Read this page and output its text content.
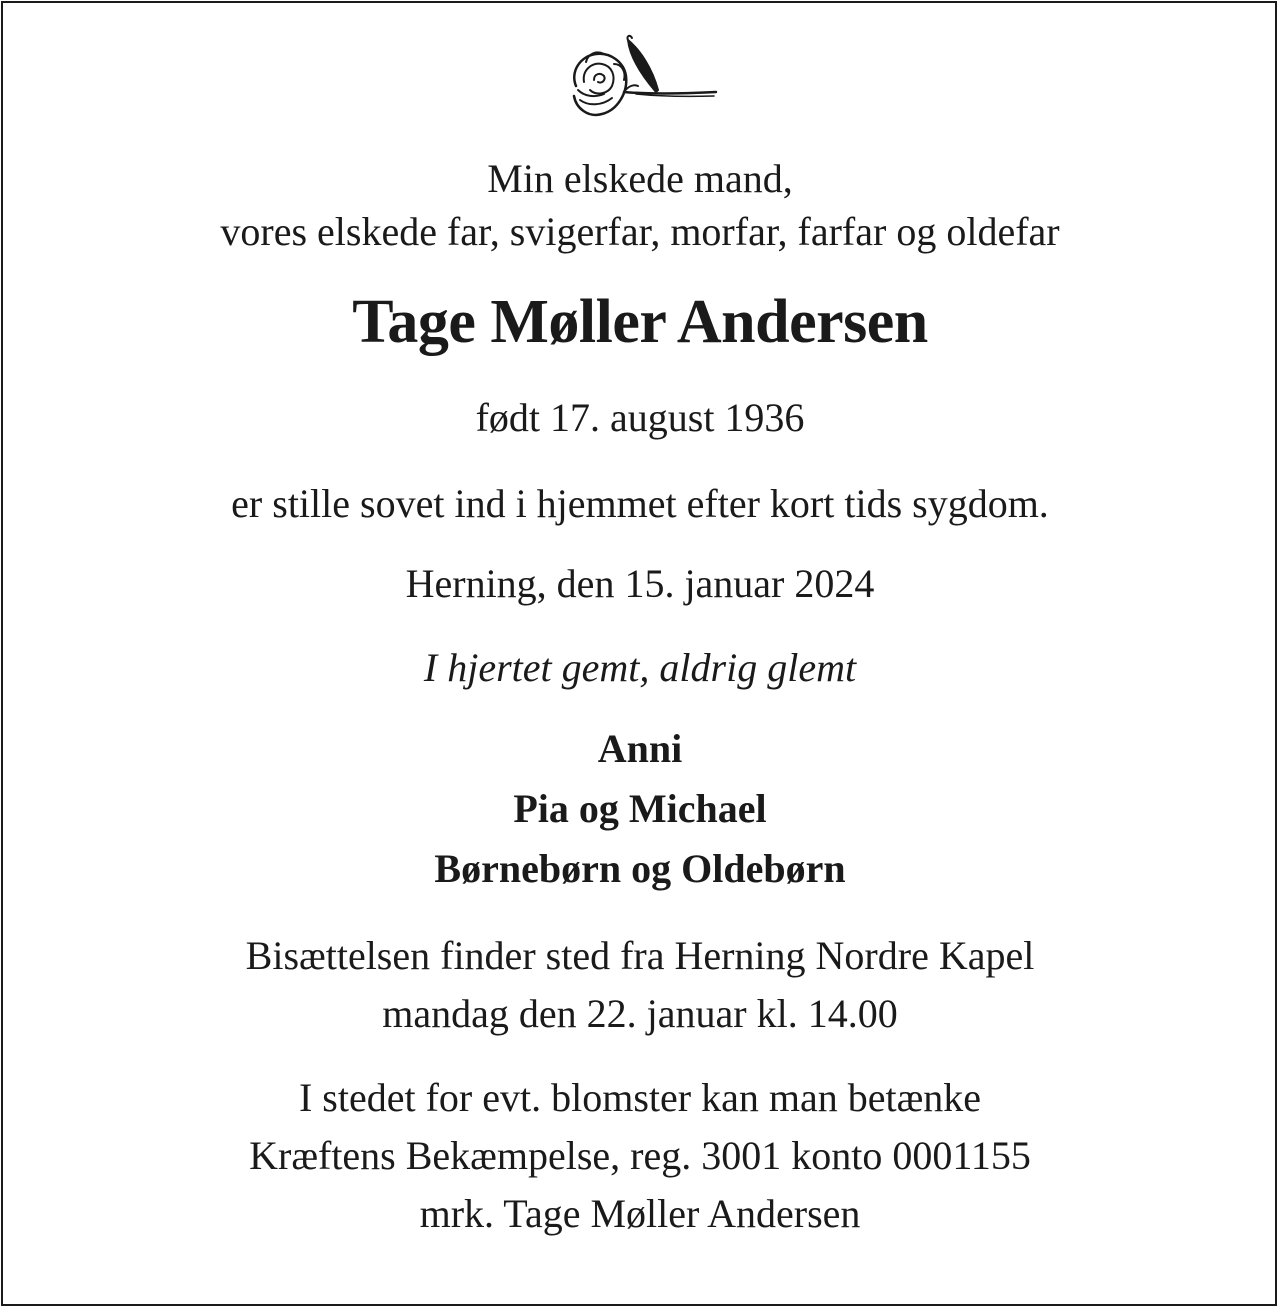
Min elskede mand,
vores elskede far, svigerfar, morfar, farfar og oldefar
Tage Møller Andersen
født 17. august 1936
er stille sovet ind i hjemmet efter kort tids sygdom.
Herning, den 15. januar 2024
I hjertet gemt, aldrig glemt
Anni
Pia og Michael
Børnebørn og Oldebørn
Bisættelsen finder sted fra Herning Nordre Kapel
mandag den 22. januar kl. 14.00
I stedet for evt. blomster kan man betænke
Kræftens Bekæmpelse, reg. 3001 konto 0001155
mrk. Tage Møller Andersen
